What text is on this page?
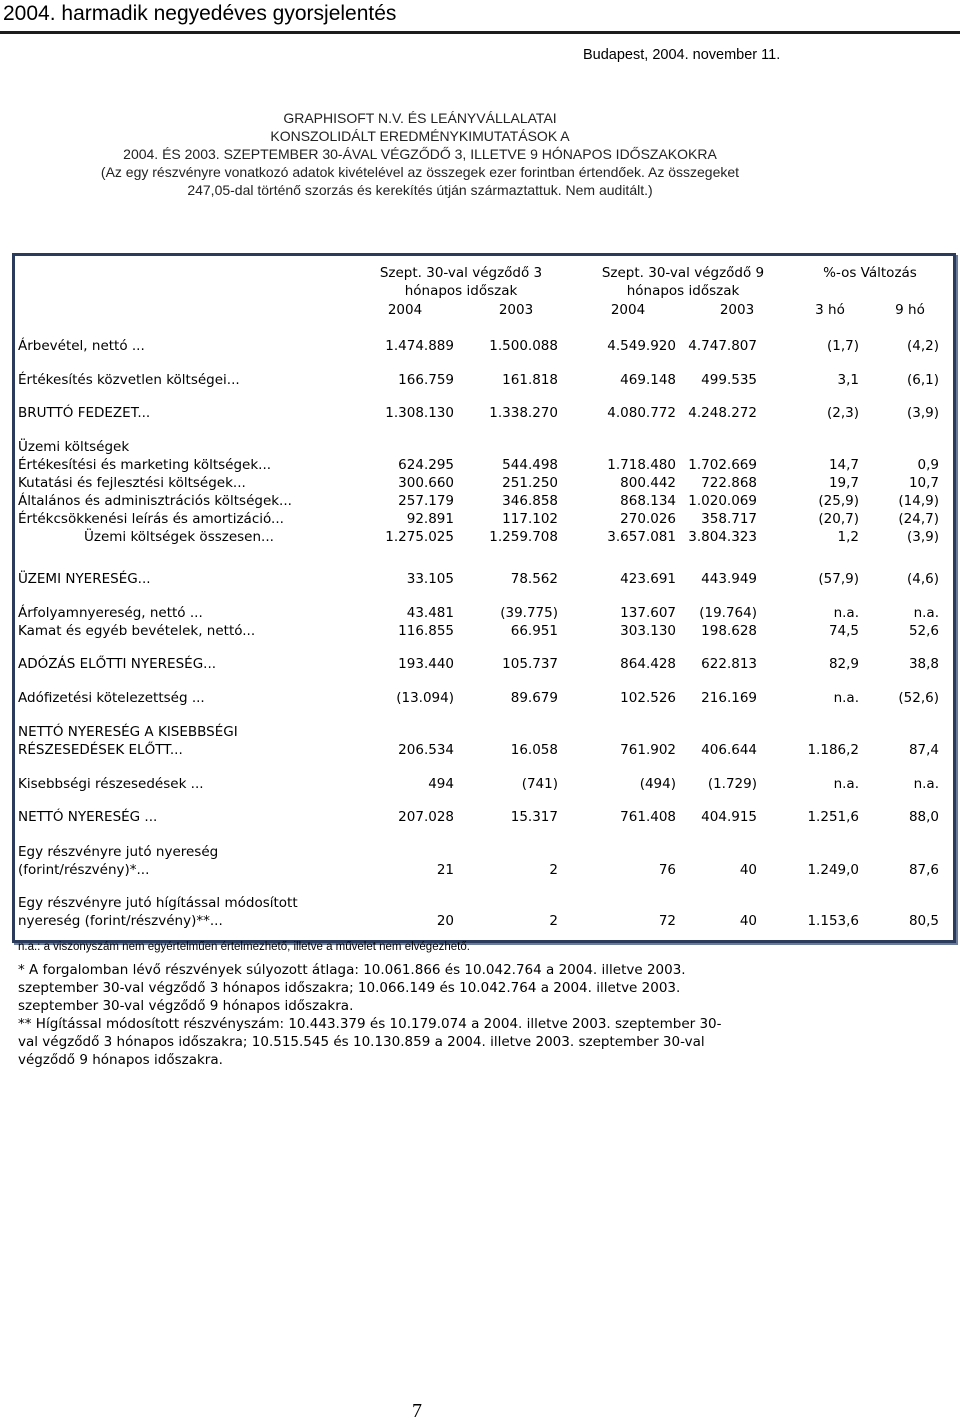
2004. harmadik negyedéves gyorsjelentés
Budapest, 2004. november 11.
GRAPHISOFT N.V. ÉS LEÁNYVÁLLALATAI
KONSZOLIDÁLT EREDMÉNYKIMUTATÁSOK A
2004. ÉS 2003. SZEPTEMBER 30-ÁVAL VÉGZŐDŐ 3, ILLETVE 9 HÓNAPOS IDŐSZAKOKRA
(Az egy részvényre vonatkozó adatok kivételével az összegek ezer forintban értendőek. Az összegeket
247,05-dal történő szorzás és kerekítés útján származtattuk. Nem auditált.)
Szept. 30-val végződő 3
hónapos időszak
Szept. 30-val végződő 9
hónapos időszak
%-os Változás
2004	2003	2004	2003	3 hó	9 hó
Árbevétel, nettó ...	1.474.889	1.500.088	4.549.920 4.747.807	(1,7)	(4,2)
Értékesítés közvetlen költségei...	166.759	161.818	469.148 499.535	3,1	(6,1)
BRUTTÓ FEDEZET...	1.308.130	1.338.270	4.080.772 4.248.272	(2,3)	(3,9)
Üzemi költségek
Értékesítési és marketing költségek...	624.295	544.498	1.718.480 1.702.669	14,7	0,9
Kutatási és fejlesztési költségek...	300.660	251.250	800.442 722.868	19,7	10,7
Általános és adminisztrációs költségek...	257.179	346.858	868.134 1.020.069	(25,9)	(14,9)
Értékcsökkenési leírás és amortizáció...	92.891	117.102	270.026 358.717	(20,7)	(24,7)
Üzemi költségek összesen...	1.275.025	1.259.708	3.657.081 3.804.323	1,2	(3,9)
ÜZEMI NYERESÉG...	33.105	78.562	423.691 443.949	(57,9)	(4,6)
Árfolyamnyereség, nettó ...	43.481	(39.775)	137.607 (19.764)	n.a.	n.a.
Kamat és egyéb bevételek, nettó...	116.855	66.951	303.130 198.628	74,5	52,6
ADÓZÁS ELŐTTI NYERESÉG...	193.440	105.737	864.428 622.813	82,9	38,8
Adófizetési kötelezettség ...	(13.094)	89.679	102.526 216.169	n.a.	(52,6)
NETTÓ NYERESÉG A KISEBBSÉGI
RÉSZESEDÉSEK ELŐTT...	206.534	16.058	761.902 406.644	1.186,2	87,4
Kisebbségi részesedések ...	494	(741)	(494) (1.729)	n.a.	n.a.
NETTÓ NYERESÉG ...	207.028	15.317	761.408 404.915	1.251,6	88,0
Egy részvényre jutó nyereség
(forint/részvény)*...	21	2	76	40	1.249,0	87,6
Egy részvényre jutó hígítással módosított
nyereség (forint/részvény)**...	20	2	72	40	1.153,6	80,5
n.a.: a viszonyszám nem egyértelműen értelmezhető, illetve a művelet nem elvégezhető.
* A forgalomban lévő részvények súlyozott átlaga: 10.061.866 és 10.042.764 a 2004. illetve 2003.
szeptember 30-val végződő 3 hónapos időszakra; 10.066.149 és 10.042.764 a 2004. illetve 2003.
szeptember 30-val végződő 9 hónapos időszakra.
** Hígítással módosított részvényszám: 10.443.379 és 10.179.074 a 2004. illetve 2003. szeptember 30-
val végződő 3 hónapos időszakra; 10.515.545 és 10.130.859 a 2004. illetve 2003. szeptember 30-val
végződő 9 hónapos időszakra.
7
